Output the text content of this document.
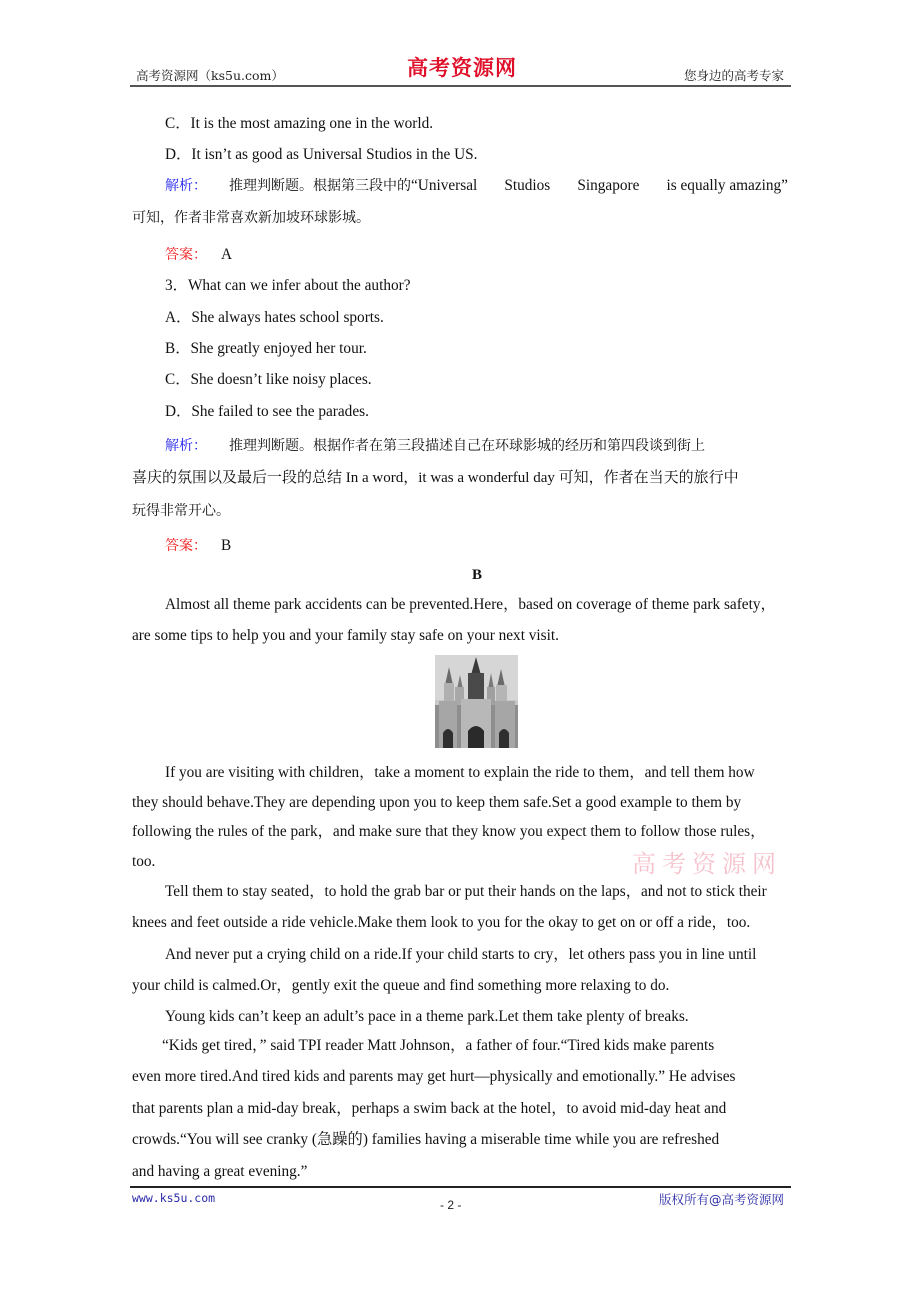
高考资源网（ks5u.com）	高考资源网	您身边的高考专家
C．It is the most amazing one in the world.
D．It isn’t as good as Universal Studios in the US.
解析： 推理判断题。根据第三段中的“Universal Studios Singapore is equally amazing”
可知，作者非常喜欢新加坡环球影城。
答案： A
3．What can we infer about the author?
A．She always hates school sports.
B．She greatly enjoyed her tour.
C．She doesn’t like noisy places.
D．She failed to see the parades.
解析： 推理判断题。根据作者在第三段描述自己在环球影城的经历和第四段谈到街上
喜庆的氛围以及最后一段的总结 In a word，it was a wonderful day 可知，作者在当天的旅行中
玩得非常开心。
答案： B
B
Almost all theme park accidents can be prevented.Here，based on coverage of theme park safety，
are some tips to help you and your family stay safe on your next visit.
If you are visiting with children，take a moment to explain the ride to them，and tell them how
they should behave.They are depending upon you to keep them safe.Set a good example to them by
following the rules of the park，and make sure that they know you expect them to follow those rules，
too.
Tell them to stay seated，to hold the grab bar or put their hands on the laps，and not to stick their
knees and feet outside a ride vehicle.Make them look to you for the okay to get on or off a ride，too.
And never put a crying child on a ride.If your child starts to cry，let others pass you in line until
your child is calmed.Or，gently exit the queue and find something more relaxing to do.
Young kids can’t keep an adult’s pace in a theme park.Let them take plenty of breaks.
“Kids get tired，” said TPI reader Matt Johnson，a father of four.“Tired kids make parents
even more tired.And tired kids and parents may get hurt—physically and emotionally.” He advises
that parents plan a mid-day break，perhaps a swim back at the hotel，to avoid mid-day heat and
crowds.“You will see cranky (急躁的) families having a miserable time while you are refreshed
and having a great evening.”
高考资源网
www.ks5u.com	- 2 -	版权所有@高考资源网
